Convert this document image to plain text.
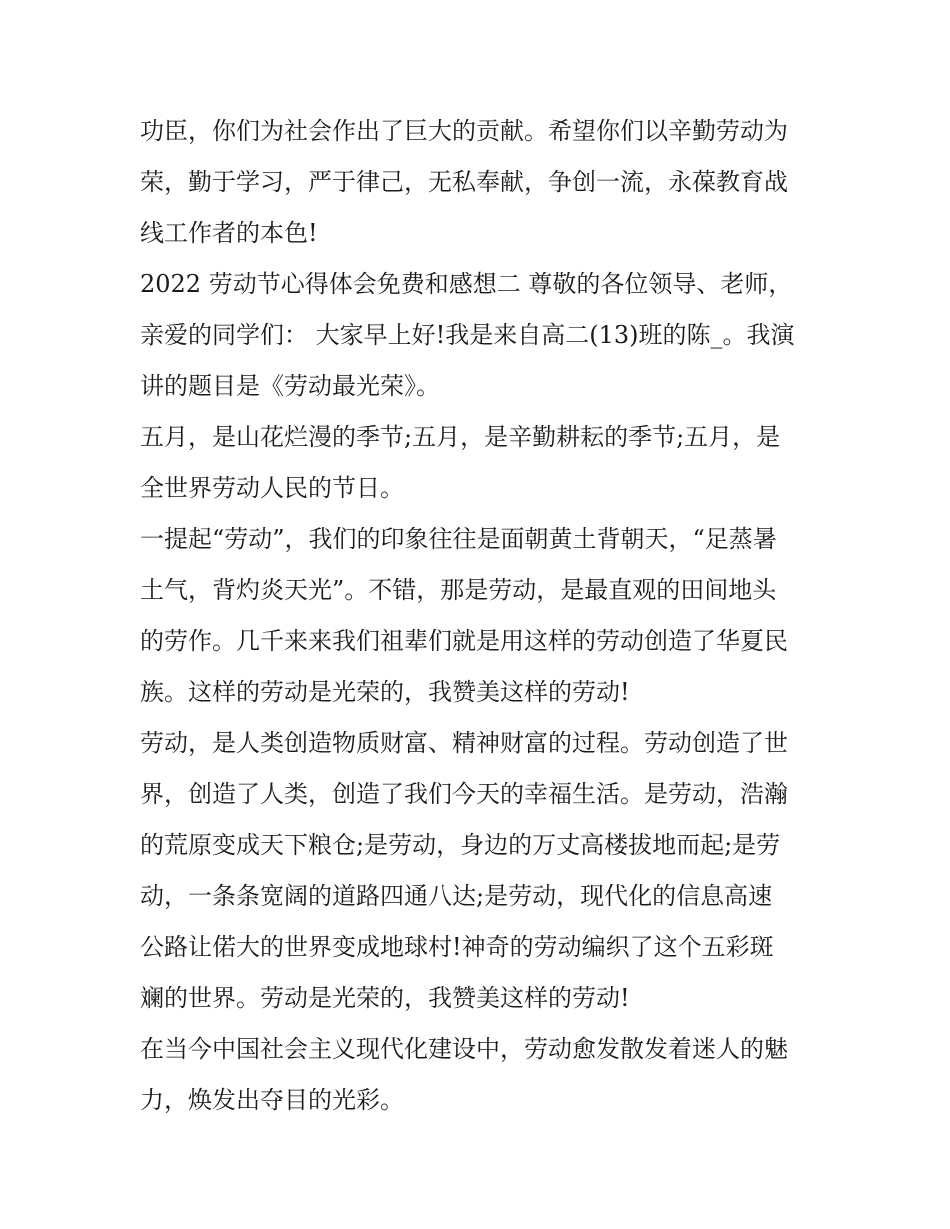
功臣，你们为社会作出了巨大的贡献。希望你们以辛勤劳动为
荣，勤于学习，严于律己，无私奉献，争创一流，永葆教育战
线工作者的本色!
2022 劳动节心得体会免费和感想二 尊敬的各位领导、老师，
亲爱的同学们： 大家早上好!我是来自高二(13)班的陈_。我演
讲的题目是《劳动最光荣》。
五月，是山花烂漫的季节;五月，是辛勤耕耘的季节;五月，是
全世界劳动人民的节日。
一提起“劳动”，我们的印象往往是面朝黄土背朝天，“足蒸暑
土气，背灼炎天光”。不错，那是劳动，是最直观的田间地头
的劳作。几千来来我们祖辈们就是用这样的劳动创造了华夏民
族。这样的劳动是光荣的，我赞美这样的劳动!
劳动，是人类创造物质财富、精神财富的过程。劳动创造了世
界，创造了人类，创造了我们今天的幸福生活。是劳动，浩瀚
的荒原变成天下粮仓;是劳动，身边的万丈高楼拔地而起;是劳
动，一条条宽阔的道路四通八达;是劳动，现代化的信息高速
公路让偌大的世界变成地球村!神奇的劳动编织了这个五彩斑
斓的世界。劳动是光荣的，我赞美这样的劳动!
在当今中国社会主义现代化建设中，劳动愈发散发着迷人的魅
力，焕发出夺目的光彩。
